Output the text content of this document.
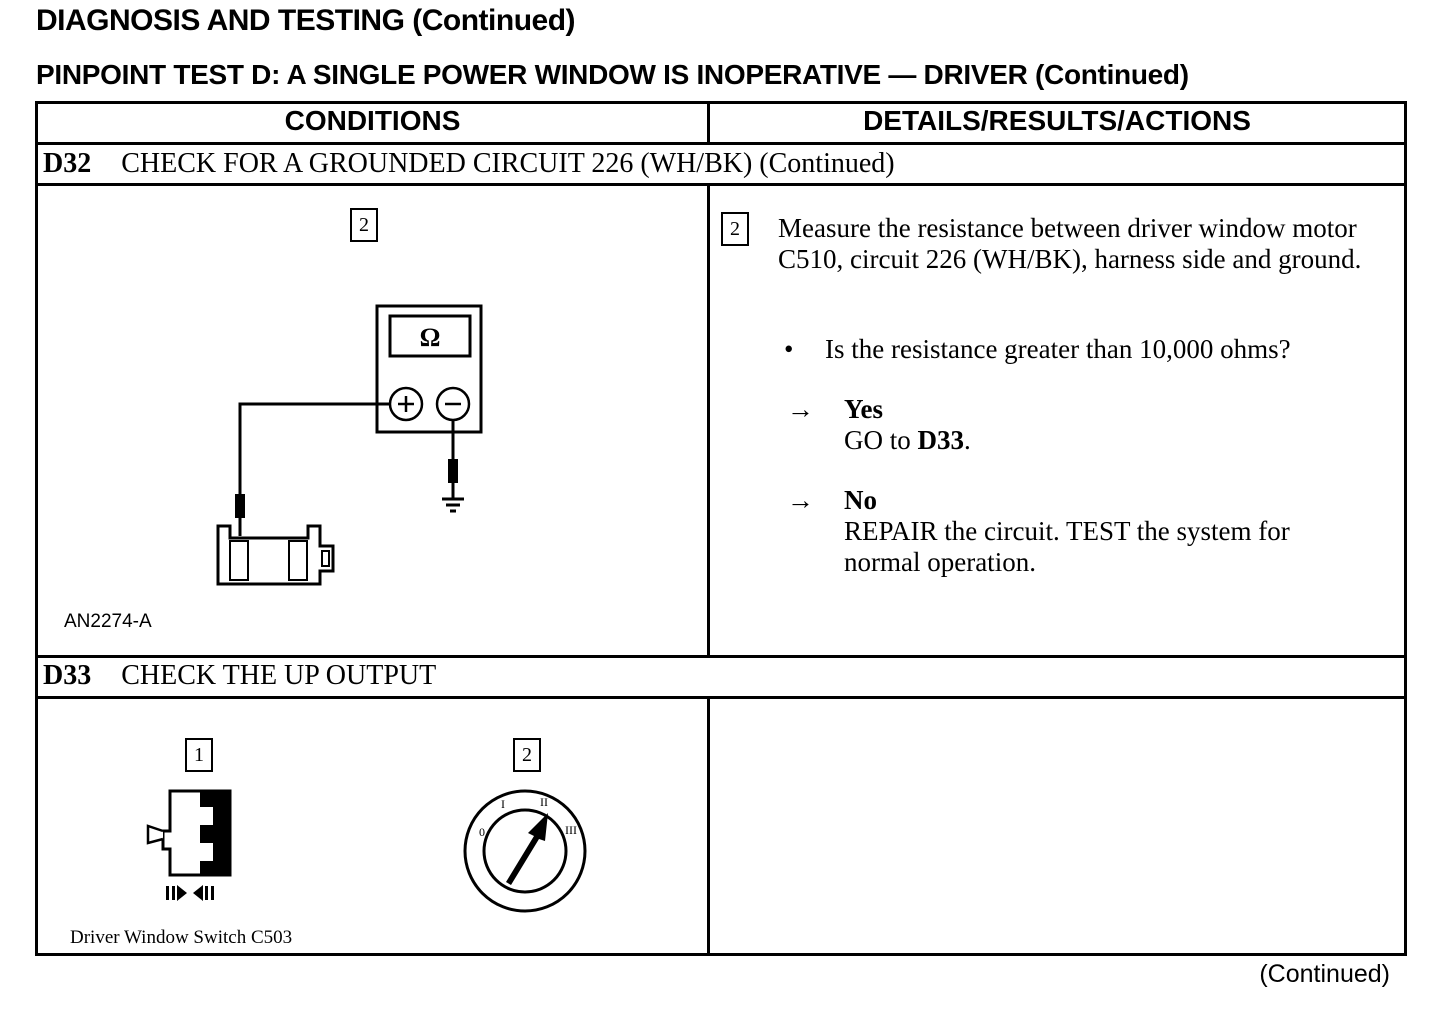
DIAGNOSIS AND TESTING (Continued)
PINPOINT TEST D: A SINGLE POWER WINDOW IS INOPERATIVE — DRIVER (Continued)
CONDITIONS	DETAILS/RESULTS/ACTIONS
D32 CHECK FOR A GROUNDED CIRCUIT 226 (WH/BK) (Continued)
2
Ω
AN2274-A
2	Measure the resistance between driver window motor C510, circuit 226 (WH/BK), harness side and ground.
• Is the resistance greater than 10,000 ohms?
→ Yes
GO to D33.
→ No
REPAIR the circuit. TEST the system for normal operation.
D33 CHECK THE UP OUTPUT
1
Driver Window Switch C503
2
0
I	II
III
(Continued)
